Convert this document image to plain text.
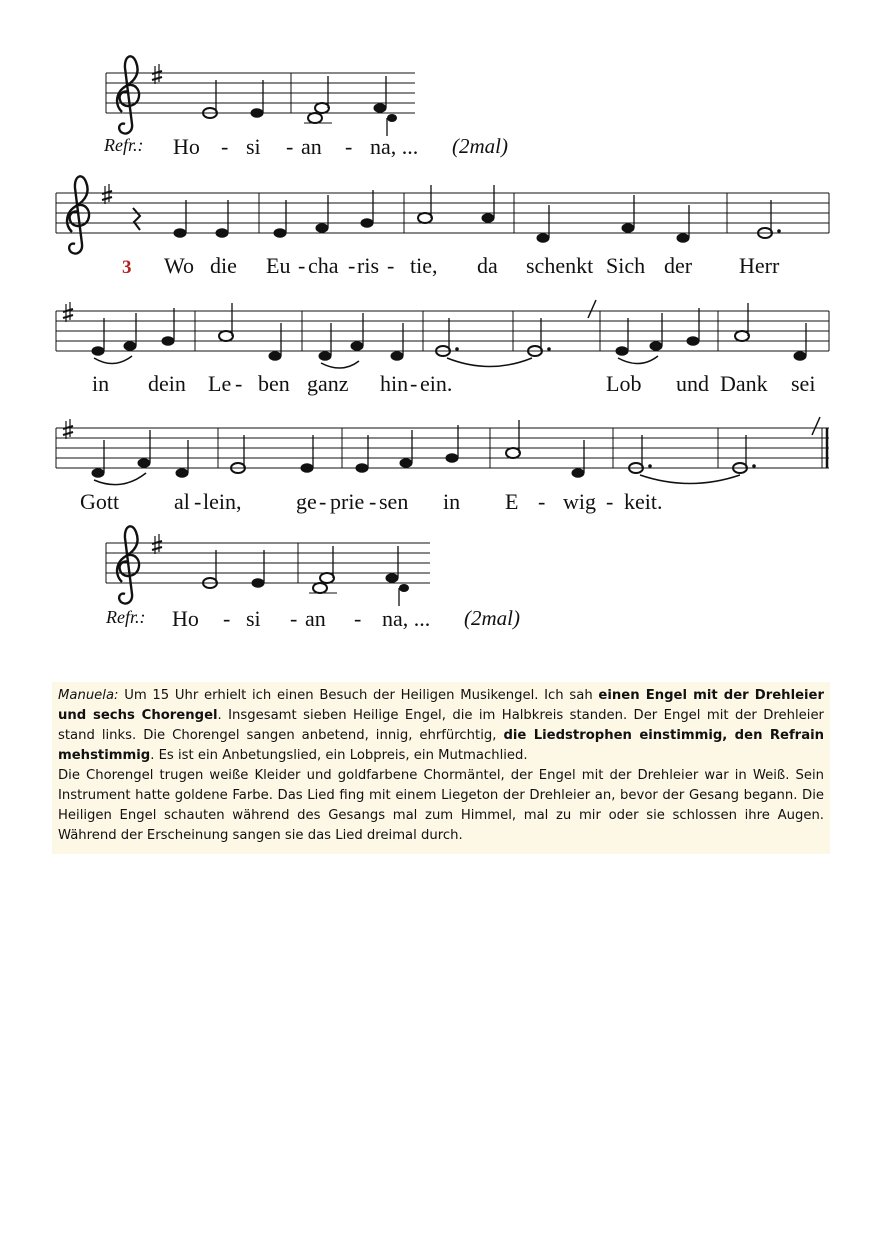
Refr.: Ho - si - an - na, ... (2mal)
3 Wo die Eu - cha - ris - tie, da schenkt Sich der Herr
in dein Le - ben ganz hin - ein.	Lob und Dank sei
Gott al - lein, ge - prie - sen in E - wig - keit.
Refr.: Ho - si - an - na, ... (2mal)

Manuela: Um 15 Uhr erhielt ich einen Besuch der Heiligen Musikengel. Ich sah einen Engel mit der Drehleier und sechs Chorengel. Insgesamt sieben Heilige Engel, die im Halbkreis standen. Der Engel mit der Drehleier stand links. Die Chorengel sangen anbetend, innig, ehrfürchtig, die Liedstrophen einstimmig, den Refrain mehstimmig. Es ist ein Anbetungslied, ein Lobpreis, ein Mutmachlied.

Die Chorengel trugen weiße Kleider und goldfarbene Chormäntel, der Engel mit der Drehleier war in Weiß. Sein Instrument hatte goldene Farbe. Das Lied fing mit einem Liegeton der Drehleier an, bevor der Gesang begann. Die Heiligen Engel schauten während des Gesangs mal zum Himmel, mal zu mir oder sie schlossen ihre Augen. Während der Erscheinung sangen sie das Lied dreimal durch.
